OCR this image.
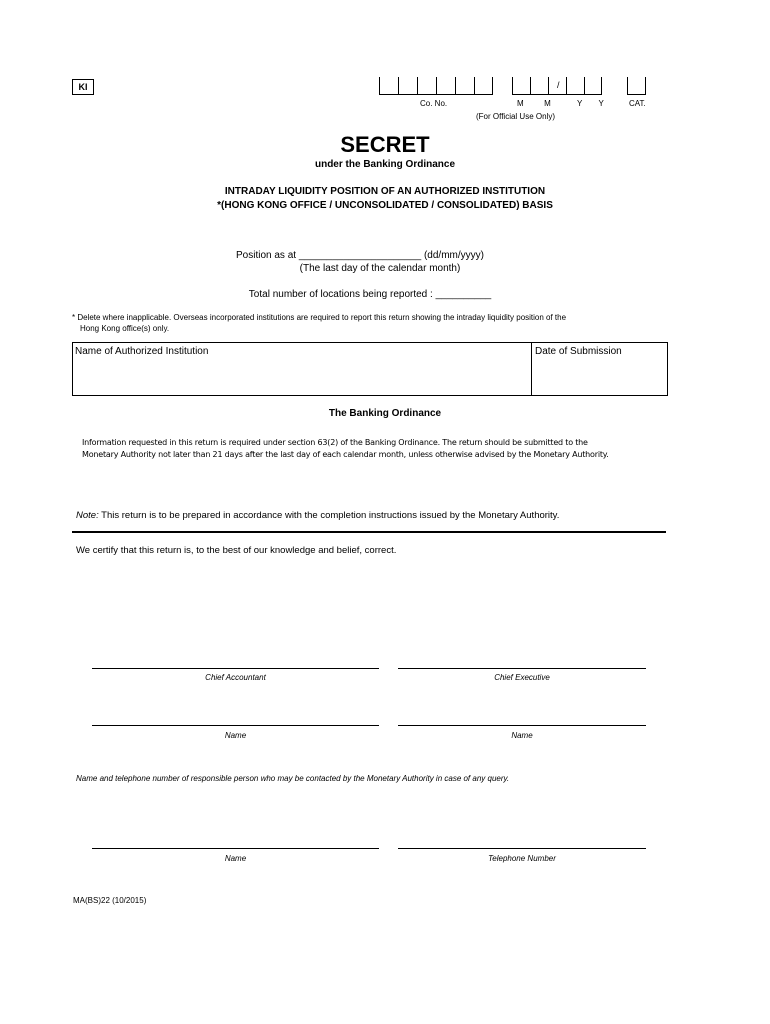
KI	/
Co. No.	M  M	Y  Y	CAT.
(For Official Use Only)
SECRET
under the Banking Ordinance
INTRADAY LIQUIDITY POSITION OF AN AUTHORIZED INSTITUTION
*(HONG KONG OFFICE / UNCONSOLIDATED / CONSOLIDATED) BASIS
Position as at ______________________ (dd/mm/yyyy)
(The last day of the calendar month)
Total number of locations being reported : __________
* Delete where inapplicable. Overseas incorporated institutions are required to report this return showing the intraday liquidity position of the
Hong Kong office(s) only.
Name of Authorized Institution	Date of Submission
The Banking Ordinance
Information requested in this return is required under section 63(2) of the Banking Ordinance. The return should be submitted to the
Monetary Authority not later than 21 days after the last day of each calendar month, unless otherwise advised by the Monetary Authority.
Note: This return is to be prepared in accordance with the completion instructions issued by the Monetary Authority.
We certify that this return is, to the best of our knowledge and belief, correct.
Chief Accountant	Chief Executive
Name	Name
Name and telephone number of responsible person who may be contacted by the Monetary Authority in case of any query.
Name	Telephone Number
MA(BS)22 (10/2015)
